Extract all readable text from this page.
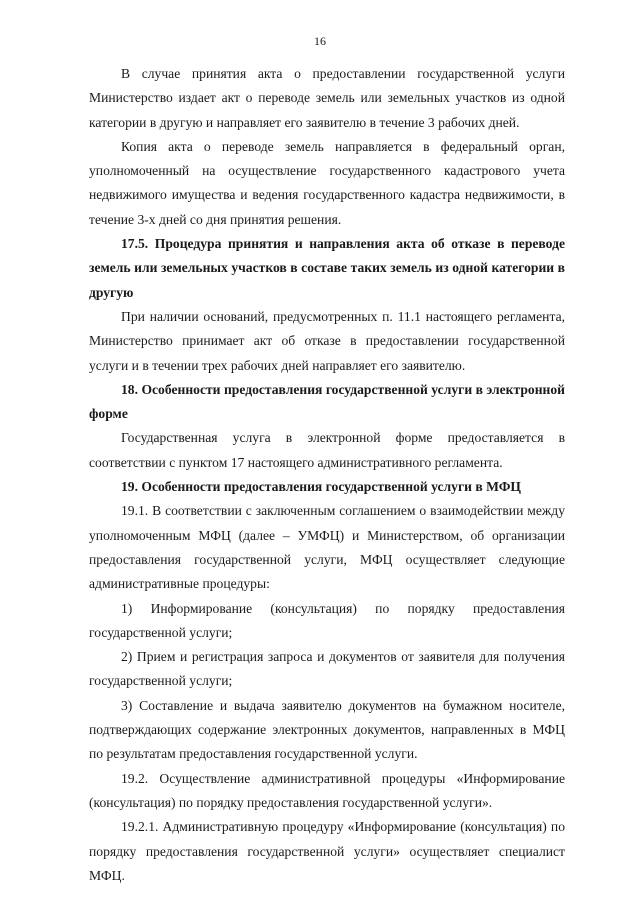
16

В случае принятия акта о предоставлении государственной услуги Министерство издает акт о переводе земель или земельных участков из одной категории в другую и направляет его заявителю в течение 3 рабочих дней.

Копия акта о переводе земель направляется в федеральный орган, уполномоченный на осуществление государственного кадастрового учета недвижимого имущества и ведения государственного кадастра недвижимости, в течение 3-х дней со дня принятия решения.

17.5. Процедура принятия и направления акта об отказе в переводе земель или земельных участков в составе таких земель из одной категории в другую

При наличии оснований, предусмотренных п. 11.1 настоящего регламента, Министерство принимает акт об отказе в предоставлении государственной услуги и в течении трех рабочих дней направляет его заявителю.

18. Особенности предоставления государственной услуги в электронной форме

Государственная услуга в электронной форме предоставляется в соответствии с пунктом 17 настоящего административного регламента.

19. Особенности предоставления государственной услуги в МФЦ

19.1. В соответствии с заключенным соглашением о взаимодействии между уполномоченным МФЦ (далее – УМФЦ) и Министерством, об организации предоставления государственной услуги, МФЦ осуществляет следующие административные процедуры:

1) Информирование (консультация) по порядку предоставления государственной услуги;

2) Прием и регистрация запроса и документов от заявителя для получения государственной услуги;

3) Составление и выдача заявителю документов на бумажном носителе, подтверждающих содержание электронных документов, направленных в МФЦ по результатам предоставления государственной услуги.

19.2. Осуществление административной процедуры «Информирование (консультация) по порядку предоставления государственной услуги».

19.2.1. Административную процедуру «Информирование (консультация) по порядку предоставления государственной услуги» осуществляет специалист МФЦ.
